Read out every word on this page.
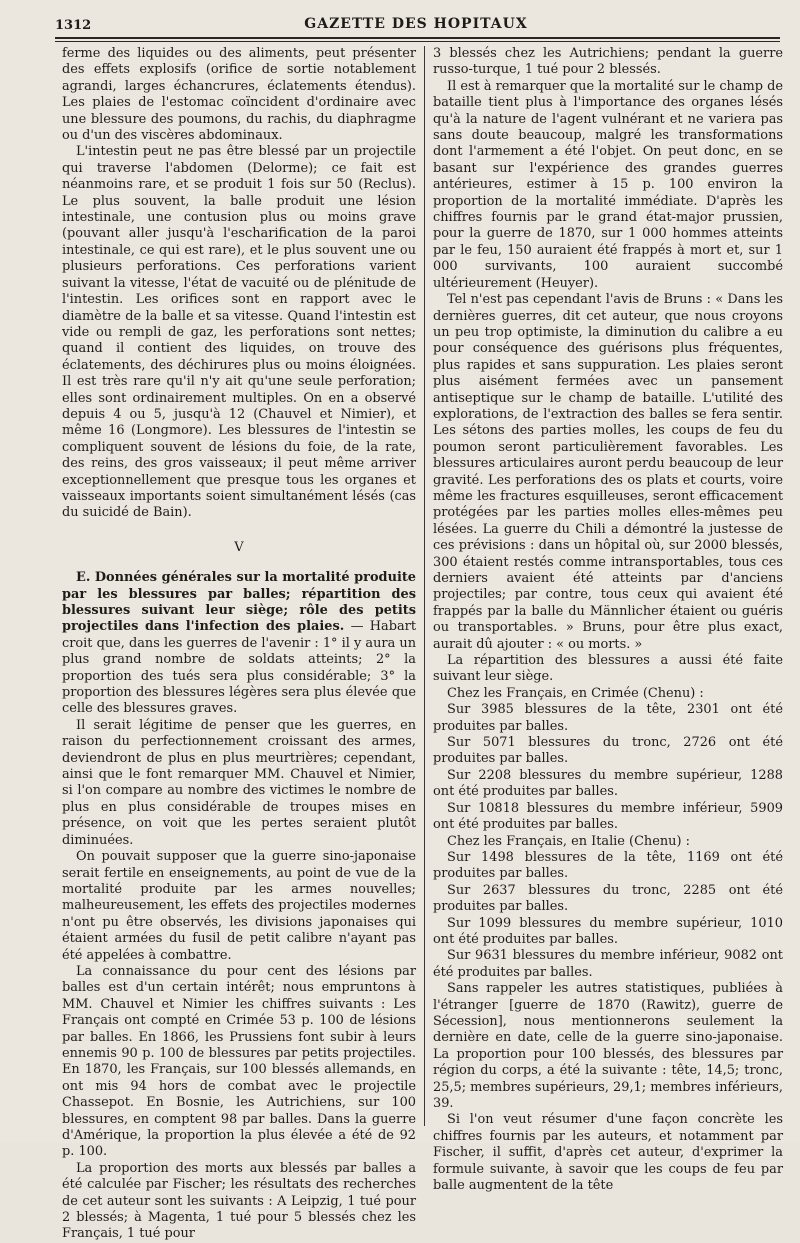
1312	GAZETTE DES HOPITAUX

ferme des liquides ou des aliments, peut présenter des effets explosifs (orifice de sortie notablement agrandi, larges échancrures, éclatements étendus). Les plaies de l'estomac coïncident d'ordinaire avec une blessure des poumons, du rachis, du diaphragme ou d'un des viscères abdominaux.

L'intestin peut ne pas être blessé par un projectile qui traverse l'abdomen (Delorme); ce fait est néanmoins rare, et se produit 1 fois sur 50 (Reclus). Le plus souvent, la balle produit une lésion intestinale, une contusion plus ou moins grave (pouvant aller jusqu'à l'escharification de la paroi intestinale, ce qui est rare), et le plus souvent une ou plusieurs perforations. Ces perforations varient suivant la vitesse, l'état de vacuité ou de plénitude de l'intestin. Les orifices sont en rapport avec le diamètre de la balle et sa vitesse. Quand l'intestin est vide ou rempli de gaz, les perforations sont nettes; quand il contient des liquides, on trouve des éclatements, des déchirures plus ou moins éloignées. Il est très rare qu'il n'y ait qu'une seule perforation; elles sont ordinairement multiples. On en a observé depuis 4 ou 5, jusqu'à 12 (Chauvel et Nimier), et même 16 (Longmore). Les blessures de l'intestin se compliquent souvent de lésions du foie, de la rate, des reins, des gros vaisseaux; il peut même arriver exceptionnellement que presque tous les organes et vaisseaux importants soient simultanément lésés (cas du suicidé de Bain).

V

E. Données générales sur la mortalité produite par les blessures par balles; répartition des blessures suivant leur siège; rôle des petits projectiles dans l'infection des plaies. — Habart croit que, dans les guerres de l'avenir : 1° il y aura un plus grand nombre de soldats atteints; 2° la proportion des tués sera plus considérable; 3° la proportion des blessures légères sera plus élevée que celle des blessures graves.

Il serait légitime de penser que les guerres, en raison du perfectionnement croissant des armes, deviendront de plus en plus meurtrières; cependant, ainsi que le font remarquer MM. Chauvel et Nimier, si l'on compare au nombre des victimes le nombre de plus en plus considérable de troupes mises en présence, on voit que les pertes seraient plutôt diminuées.

On pouvait supposer que la guerre sino-japonaise serait fertile en enseignements, au point de vue de la mortalité produite par les armes nouvelles; malheureusement, les effets des projectiles modernes n'ont pu être observés, les divisions japonaises qui étaient armées du fusil de petit calibre n'ayant pas été appelées à combattre.

La connaissance du pour cent des lésions par balles est d'un certain intérêt; nous empruntons à MM. Chauvel et Nimier les chiffres suivants : Les Français ont compté en Crimée 53 p. 100 de lésions par balles. En 1866, les Prussiens font subir à leurs ennemis 90 p. 100 de blessures par petits projectiles. En 1870, les Français, sur 100 blessés allemands, en ont mis 94 hors de combat avec le projectile Chassepot. En Bosnie, les Autrichiens, sur 100 blessures, en comptent 98 par balles. Dans la guerre d'Amérique, la proportion la plus élevée a été de 92 p. 100.

La proportion des morts aux blessés par balles a été calculée par Fischer; les résultats des recherches de cet auteur sont les suivants : A Leipzig, 1 tué pour 2 blessés; à Magenta, 1 tué pour 5 blessés chez les Français, 1 tué pour

3 blessés chez les Autrichiens; pendant la guerre russo-turque, 1 tué pour 2 blessés.

Il est à remarquer que la mortalité sur le champ de bataille tient plus à l'importance des organes lésés qu'à la nature de l'agent vulnérant et ne variera pas sans doute beaucoup, malgré les transformations dont l'armement a été l'objet. On peut donc, en se basant sur l'expérience des grandes guerres antérieures, estimer à 15 p. 100 environ la proportion de la mortalité immédiate. D'après les chiffres fournis par le grand état-major prussien, pour la guerre de 1870, sur 1 000 hommes atteints par le feu, 150 auraient été frappés à mort et, sur 1 000 survivants, 100 auraient succombé ultérieurement (Heuyer).

Tel n'est pas cependant l'avis de Bruns : « Dans les dernières guerres, dit cet auteur, que nous croyons un peu trop optimiste, la diminution du calibre a eu pour conséquence des guérisons plus fréquentes, plus rapides et sans suppuration. Les plaies seront plus aisément fermées avec un pansement antiseptique sur le champ de bataille. L'utilité des explorations, de l'extraction des balles se fera sentir. Les sétons des parties molles, les coups de feu du poumon seront particulièrement favorables. Les blessures articulaires auront perdu beaucoup de leur gravité. Les perforations des os plats et courts, voire même les fractures esquilleuses, seront efficacement protégées par les parties molles elles-mêmes peu lésées. La guerre du Chili a démontré la justesse de ces prévisions : dans un hôpital où, sur 2000 blessés, 300 étaient restés comme intransportables, tous ces derniers avaient été atteints par d'anciens projectiles; par contre, tous ceux qui avaient été frappés par la balle du Männlicher étaient ou guéris ou transportables. » Bruns, pour être plus exact, aurait dû ajouter : « ou morts. »

La répartition des blessures a aussi été faite suivant leur siège.

Chez les Français, en Crimée (Chenu) :

Sur 3985 blessures de la tête, 2301 ont été produites par balles.

Sur 5071 blessures du tronc, 2726 ont été produites par balles.

Sur 2208 blessures du membre supérieur, 1288 ont été produites par balles.

Sur 10818 blessures du membre inférieur, 5909 ont été produites par balles.

Chez les Français, en Italie (Chenu) :

Sur 1498 blessures de la tête, 1169 ont été produites par balles.

Sur 2637 blessures du tronc, 2285 ont été produites par balles.

Sur 1099 blessures du membre supérieur, 1010 ont été produites par balles.

Sur 9631 blessures du membre inférieur, 9082 ont été produites par balles.

Sans rappeler les autres statistiques, publiées à l'étranger [guerre de 1870 (Rawitz), guerre de Sécession], nous mentionnerons seulement la dernière en date, celle de la guerre sino-japonaise. La proportion pour 100 blessés, des blessures par région du corps, a été la suivante : tête, 14,5; tronc, 25,5; membres supérieurs, 29,1; membres inférieurs, 39.

Si l'on veut résumer d'une façon concrète les chiffres fournis par les auteurs, et notamment par Fischer, il suffit, d'après cet auteur, d'exprimer la formule suivante, à savoir que les coups de feu par balle augmentent de la tête
